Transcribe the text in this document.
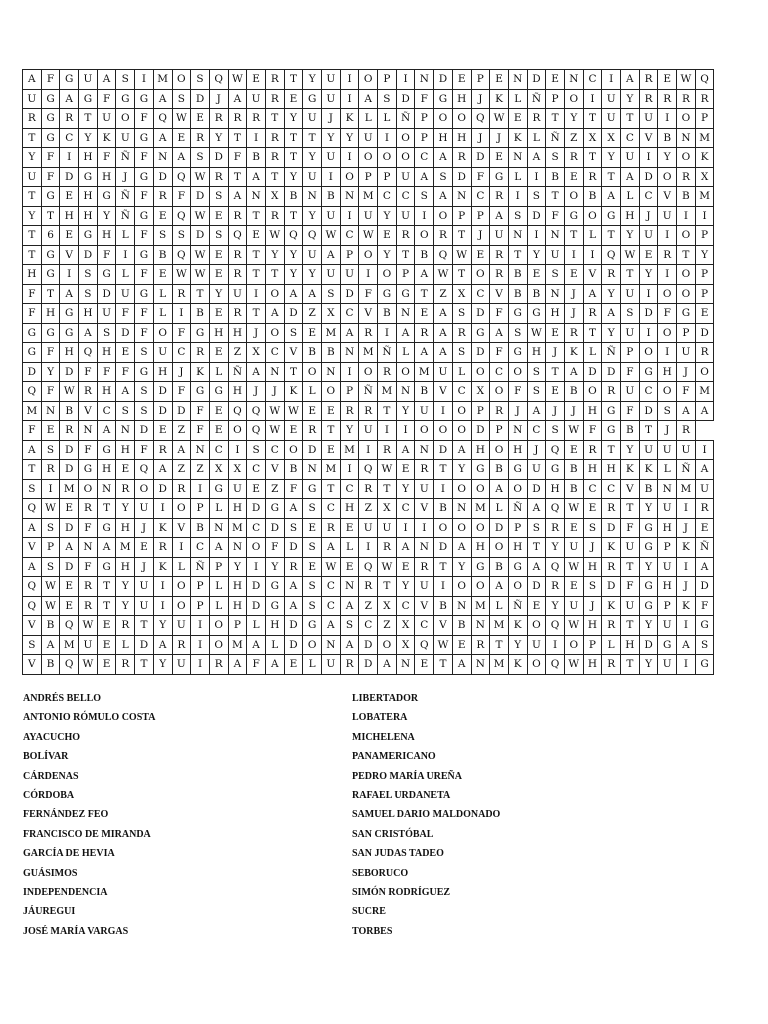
A	F	G	U	A	S	I	M	O	S	Q	W	E	R	T	Y	U	I	O	P	I	N	D	E	P	E	N	D	E	N	C	I	A	R	E	W	Q
U	G	A	G	F	G	G	A	S	D	J	A	U	R	E	G	U	I	A	S	D	F	G	H	J	K	L	Ñ	P	O	I	U	Y	R	R	R	R
R	G	R	T	U	O	F	Q	W	E	R	R	R	T	Y	U	J	K	L	L	Ñ	P	O	O	Q	W	E	R	T	Y	T	U	T	U	I	O	P
T	G	C	Y	K	U	G	A	E	R	Y	T	I	R	T	T	Y	Y	U	I	O	P	H	H	J	J	K	L	Ñ	Z	X	X	C	V	B	N	M
Y	F	I	H	F	Ñ	F	N	A	S	D	F	B	R	T	Y	U	I	O	O	O	C	A	R	D	E	N	A	S	R	T	Y	U	I	Y	O	K
U	F	D	G	H	J	G	D	Q	W	R	T	A	T	Y	U	I	O	P	P	U	A	S	D	F	G	L	I	B	E	R	T	A	D	O	R	X
T	G	E	H	G	Ñ	F	R	F	D	S	A	N	X	B	N	B	N	M	C	C	S	A	N	C	R	I	S	T	O	B	A	L	C	V	B	M
Y	T	H	H	Y	Ñ	G	E	Q	W	E	R	T	R	T	Y	U	I	U	Y	U	I	O	P	P	A	S	D	F	G	O	G	H	J	U	I	I
T	6	E	G	H	L	F	S	S	D	S	Q	E	W	Q	Q	W	C	W	E	R	O	R	T	J	U	N	I	N	T	L	T	Y	U	I	O	P
T	G	V	D	F	I	G	B	Q	W	E	R	T	Y	Y	U	A	P	O	Y	T	B	Q	W	E	R	T	Y	U	I	I	Q	W	E	R	T	Y
H	G	I	S	G	L	F	E	W	W	E	R	T	T	Y	Y	U	U	I	O	P	A	W	T	O	R	B	E	S	E	V	R	T	Y	I	O	P
F	T	A	S	D	U	G	L	R	T	Y	U	I	O	A	A	S	D	F	G	G	T	Z	X	C	V	B	B	N	J	A	Y	U	I	O	O	P
F	H	G	H	U	F	F	L	I	B	E	R	T	A	D	Z	X	C	V	B	N	E	A	S	D	F	G	G	H	J	R	A	S	D	F	G	E
G	G	G	A	S	D	F	O	F	G	H	H	J	O	S	E	M	A	R	I	A	R	A	R	G	A	S	W	E	R	T	Y	U	I	O	P	D
G	F	H	Q	H	E	S	U	C	R	E	Z	X	C	V	B	B	N	M	Ñ	L	A	A	S	D	F	G	H	J	K	L	Ñ	P	O	I	U	R
D	Y	D	F	F	F	G	H	J	K	L	Ñ	A	N	T	O	N	I	O	R	O	M	U	L	O	C	O	S	T	A	D	D	F	G	H	J	O
Q	F	W	R	H	A	S	D	F	G	G	H	J	J	K	L	O	P	Ñ	M	N	B	V	C	X	O	F	S	E	B	O	R	U	C	O	F	M
M	N	B	V	C	S	S	D	D	F	E	Q	Q	W	W	E	E	R	R	T	Y	U	I	O	P	R	J	A	J	J	H	G	F	D	S	A	A
F	E	R	N	A	N	D	E	Z	F	E	O	Q	W	E	R	T	Y	U	I	I	O	O	O	D	P	N	C	S	W	F	G	B	T	J	R	
A	S	D	F	G	H	F	R	A	N	C	I	S	C	O	D	E	M	I	R	A	N	D	A	H	O	H	J	Q	E	R	T	Y	U	U	U	I
T	R	D	G	H	E	Q	A	Z	Z	X	X	C	V	B	N	M	I	Q	W	E	R	T	Y	G	B	G	U	G	B	H	H	K	K	L	Ñ	A
S	I	M	O	N	R	O	D	R	I	G	U	E	Z	F	G	T	C	R	T	Y	U	I	O	O	A	O	D	H	B	C	C	V	B	N	M	U
Q	W	E	R	T	Y	U	I	O	P	L	H	D	G	A	S	C	H	Z	X	C	V	B	N	M	L	Ñ	A	Q	W	E	R	T	Y	U	I	R
A	S	D	F	G	H	J	K	V	B	N	M	C	D	S	E	R	E	U	U	I	I	O	O	O	D	P	S	R	E	S	D	F	G	H	J	E
V	P	A	N	A	M	E	R	I	C	A	N	O	F	D	S	A	L	I	R	A	N	D	A	H	O	H	T	Y	U	J	K	U	G	P	K	Ñ
A	S	D	F	G	H	J	K	L	Ñ	P	Y	I	Y	R	E	W	E	Q	W	E	R	T	Y	G	B	G	A	Q	W	H	R	T	Y	U	I	A
Q	W	E	R	T	Y	U	I	O	P	L	H	D	G	A	S	C	N	R	T	Y	U	I	O	O	A	O	D	R	E	S	D	F	G	H	J	D
Q	W	E	R	T	Y	U	I	O	P	L	H	D	G	A	S	C	A	Z	X	C	V	B	N	M	L	Ñ	E	Y	U	J	K	U	G	P	K	F
V	B	Q	W	E	R	T	Y	U	I	O	P	L	H	D	G	A	S	C	Z	X	C	V	B	N	M	K	O	Q	W	H	R	T	Y	U	I	G
S	A	M	U	E	L	D	A	R	I	O	M	A	L	D	O	N	A	D	O	X	Q	W	E	R	T	Y	U	I	O	P	L	H	D	G	A	S
V	B	Q	W	E	R	T	Y	U	I	R	A	F	A	E	L	U	R	D	A	N	E	T	A	N	M	K	O	Q	W	H	R	T	Y	U	I	G
ANDRÉS BELLO
ANTONIO RÓMULO COSTA
AYACUCHO
BOLÍVAR
CÁRDENAS
CÓRDOBA
FERNÁNDEZ FEO
FRANCISCO DE MIRANDA
GARCÍA DE HEVIA
GUÁSIMOS
INDEPENDENCIA
JÁUREGUI
JOSÉ MARÍA VARGAS
LIBERTADOR
LOBATERA
MICHELENA
PANAMERICANO
PEDRO MARÍA UREÑA
RAFAEL URDANETA
SAMUEL DARIO MALDONADO
SAN CRISTÓBAL
SAN JUDAS TADEO
SEBORUCO
SIMÓN RODRÍGUEZ
SUCRE
TORBES
